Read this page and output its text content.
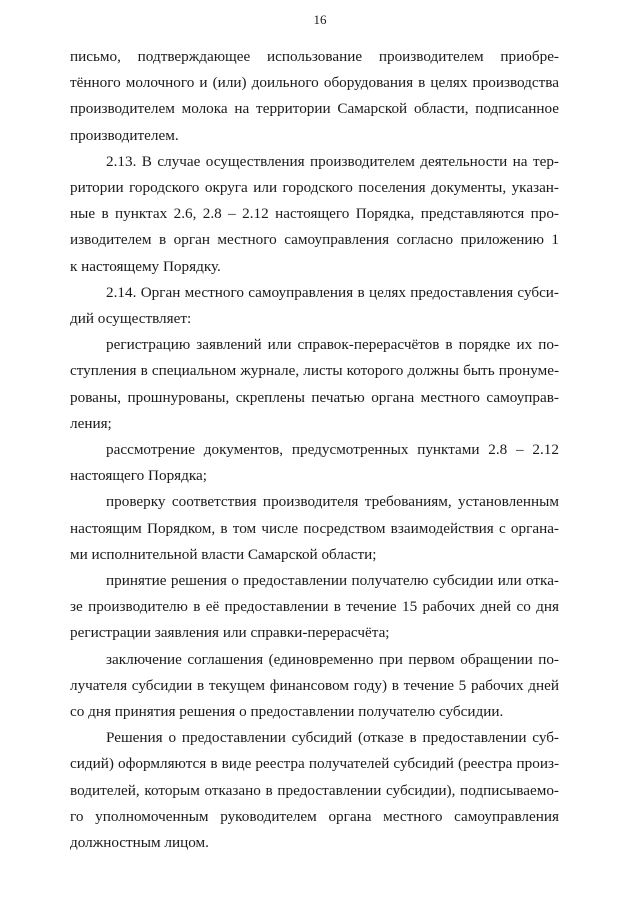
16

письмо, подтверждающее использование производителем приобре-
тённого молочного и (или) доильного оборудования в целях производства
производителем молока на территории Самарской области, подписанное
производителем.

2.13. В случае осуществления производителем деятельности на тер-
ритории городского округа или городского поселения документы, указан-
ные в пунктах 2.6, 2.8 – 2.12 настоящего Порядка, представляются про-
изводителем в орган местного самоуправления согласно приложению 1
к настоящему Порядку.

2.14. Орган местного самоуправления в целях предоставления субси-
дий осуществляет:

регистрацию заявлений или справок-перерасчётов в порядке их по-
ступления в специальном журнале, листы которого должны быть пронуме-
рованы, прошнурованы, скреплены печатью органа местного самоуправ-
ления;

рассмотрение документов, предусмотренных пунктами 2.8 – 2.12
настоящего Порядка;

проверку соответствия производителя требованиям, установленным
настоящим Порядком, в том числе посредством взаимодействия с органа-
ми исполнительной власти Самарской области;

принятие решения о предоставлении получателю субсидии или отка-
зе производителю в её предоставлении в течение 15 рабочих дней со дня
регистрации заявления или справки-перерасчёта;

заключение соглашения (единовременно при первом обращении по-
лучателя субсидии в текущем финансовом году) в течение 5 рабочих дней
со дня принятия решения о предоставлении получателю субсидии.

Решения о предоставлении субсидий (отказе в предоставлении суб-
сидий) оформляются в виде реестра получателей субсидий (реестра произ-
водителей, которым отказано в предоставлении субсидии), подписываемо-
го уполномоченным руководителем органа местного самоуправления
должностным лицом.
